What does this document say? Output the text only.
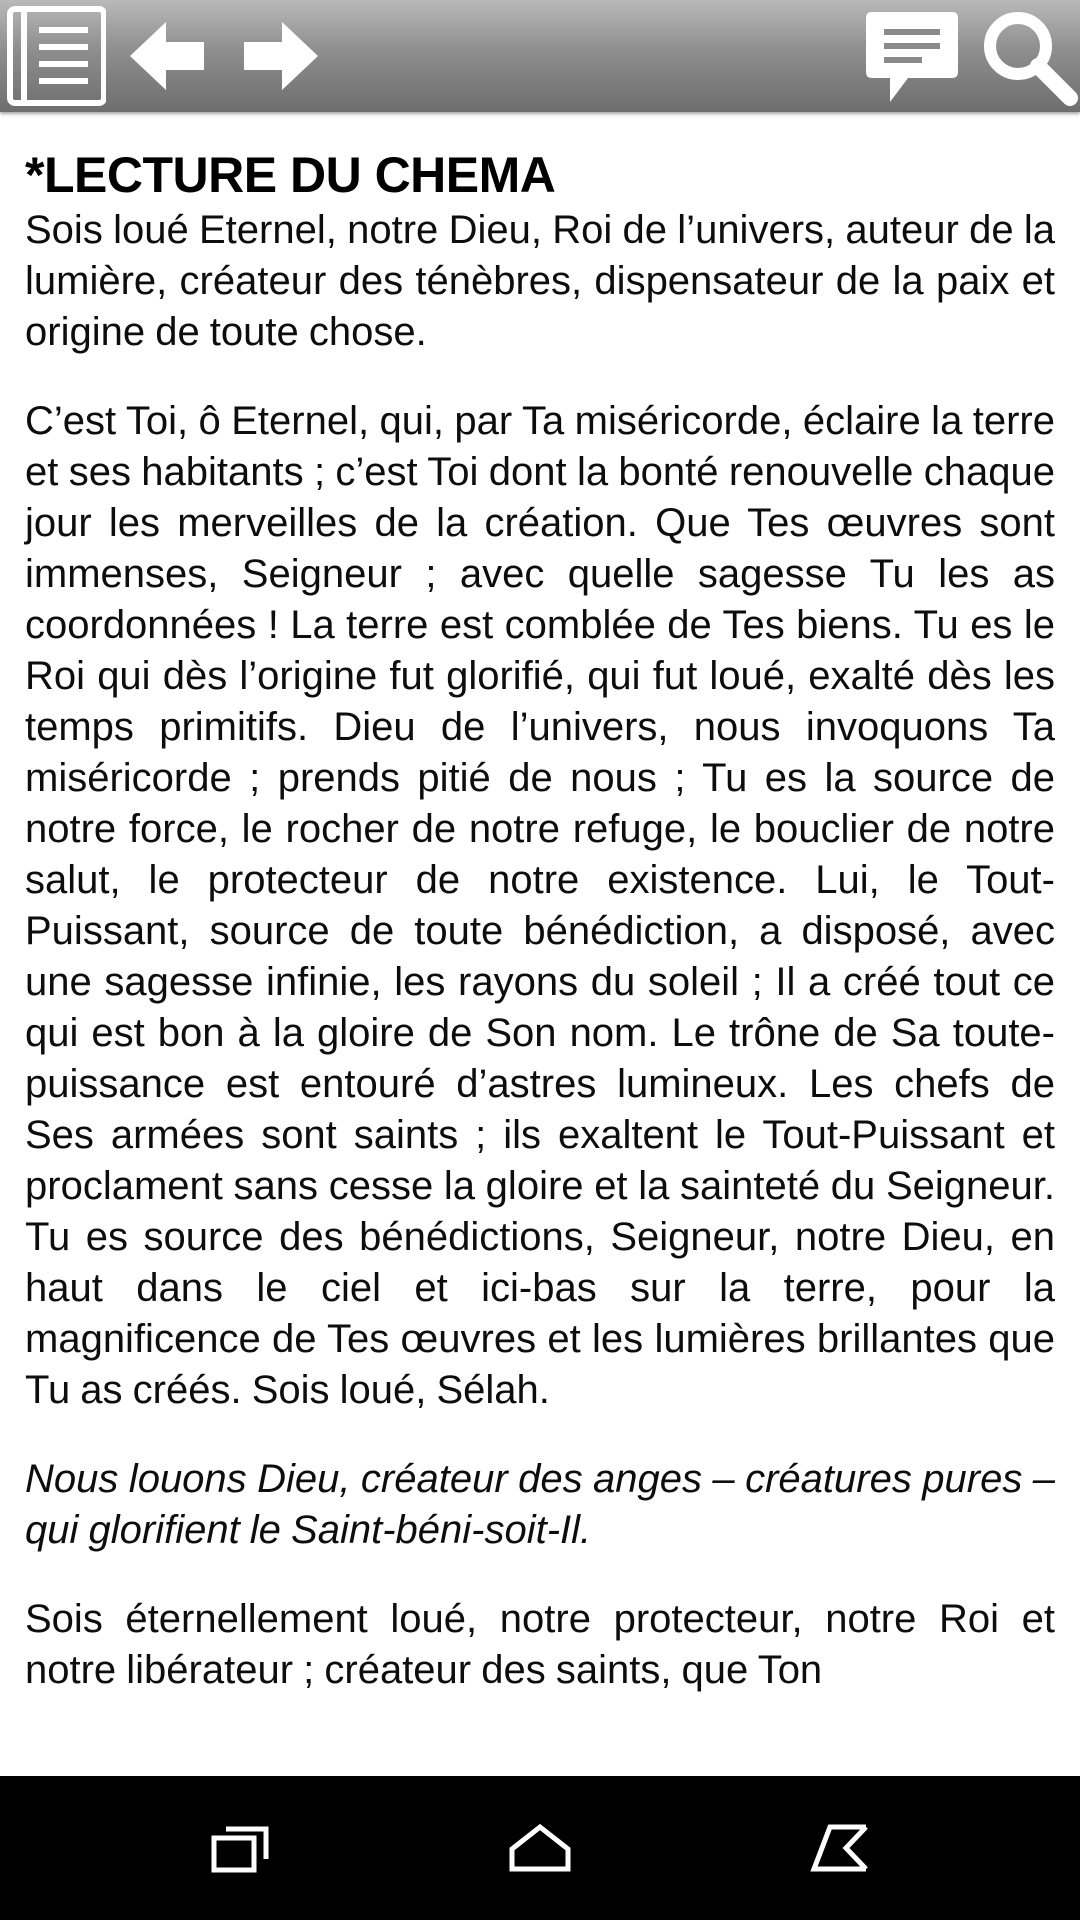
*LECTURE DU CHEMA

Sois loué Eternel, notre Dieu, Roi de l’univers, auteur de la lumière, créateur des ténèbres, dispensateur de la paix et origine de toute chose.

C’est Toi, ô Eternel, qui, par Ta miséricorde, éclaire la terre et ses habitants ; c’est Toi dont la bonté renouvelle chaque jour les merveilles de la création. Que Tes œuvres sont immenses, Seigneur ; avec quelle sagesse Tu les as coordonnées ! La terre est comblée de Tes biens. Tu es le Roi qui dès l’origine fut glorifié, qui fut loué, exalté dès les temps primitifs. Dieu de l’univers, nous invoquons Ta miséricorde ; prends pitié de nous ; Tu es la source de notre force, le rocher de notre refuge, le bouclier de notre salut, le protecteur de notre existence. Lui, le Tout-Puissant, source de toute bénédiction, a disposé, avec une sagesse infinie, les rayons du soleil ; Il a créé tout ce qui est bon à la gloire de Son nom. Le trône de Sa toute-puissance est entouré d’astres lumineux. Les chefs de Ses armées sont saints ; ils exaltent le Tout-Puissant et proclament sans cesse la gloire et la sainteté du Seigneur. Tu es source des bénédictions, Seigneur, notre Dieu, en haut dans le ciel et ici-bas sur la terre, pour la magnificence de Tes œuvres et les lumières brillantes que Tu as créés. Sois loué, Sélah.

Nous louons Dieu, créateur des anges – créatures pures – qui glorifient le Saint-béni-soit-Il.

Sois éternellement loué, notre protecteur, notre Roi et notre libérateur ; créateur des saints, que Ton
